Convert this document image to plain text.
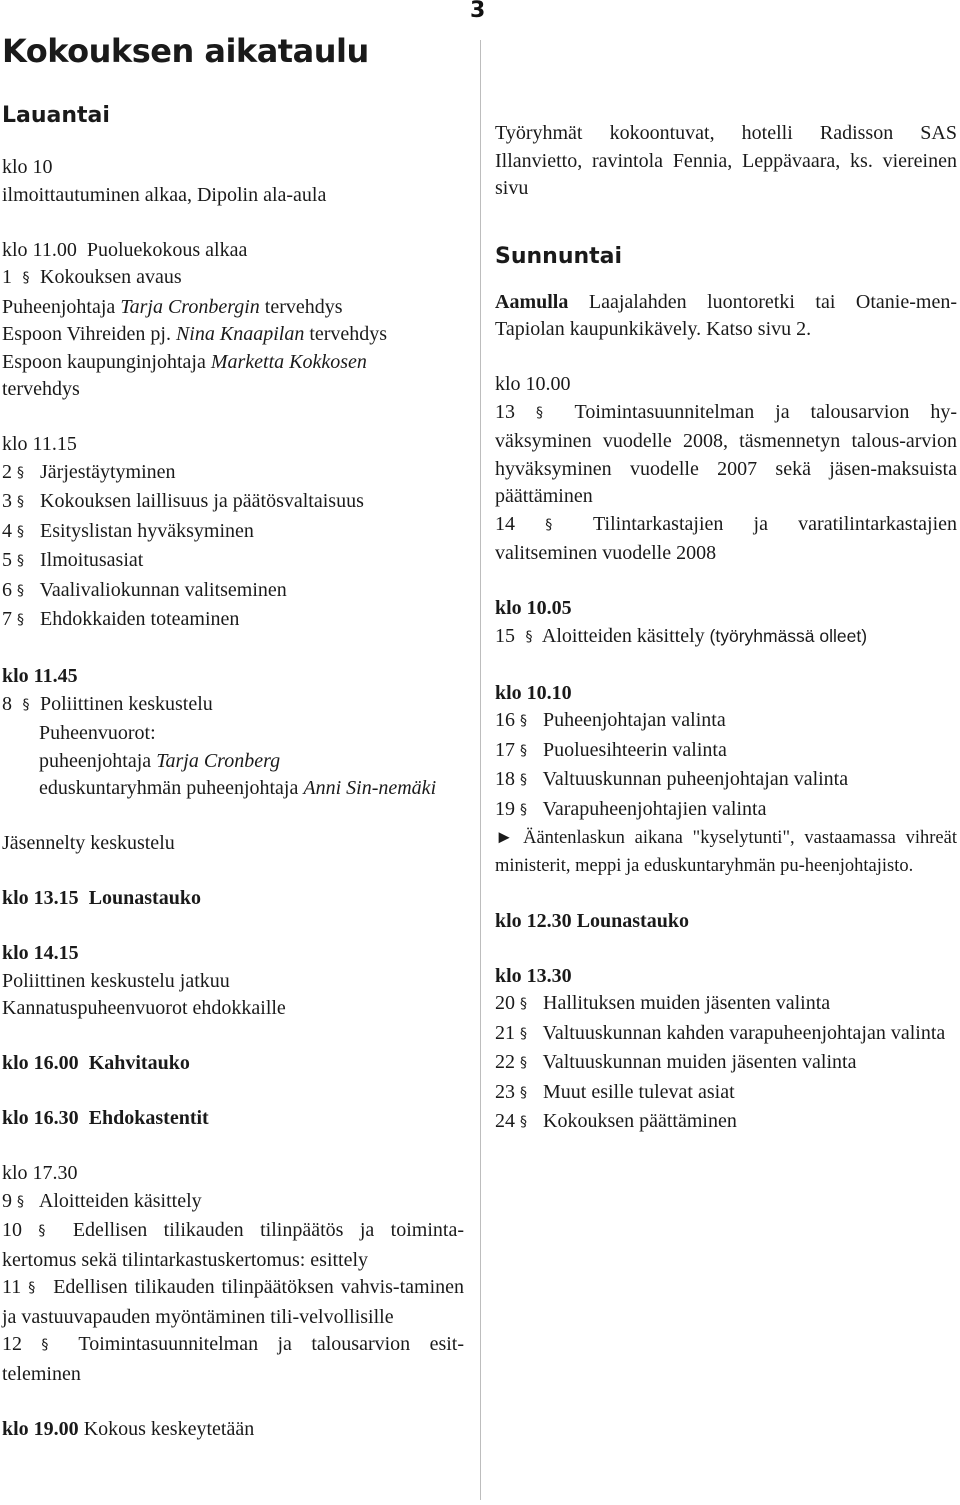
3
Kokouksen aikataulu
Lauantai
klo 10
ilmoittautuminen alkaa, Dipolin ala-aula
klo 11.00 Puoluekokous alkaa
1 § Kokouksen avaus
Puheenjohtaja Tarja Cronbergin tervehdys
Espoon Vihreiden pj. Nina Knaapilan tervehdys
Espoon kaupunginjohtaja Marketta Kokkosen
tervehdys
klo 11.15
2 § Järjestäytyminen
3 § Kokouksen laillisuus ja päätösvaltaisuus
4 § Esityslistan hyväksyminen
5 § Ilmoitusasiat
6 § Vaalivaliokunnan valitseminen
7 § Ehdokkaiden toteaminen
klo 11.45
8 § Poliittinen keskustelu
Puheenvuorot:
puheenjohtaja Tarja Cronberg
eduskuntaryhmän puheenjohtaja Anni Sin-nemäki
Jäsennelty keskustelu
klo 13.15 Lounastauko
klo 14.15
Poliittinen keskustelu jatkuu
Kannatuspuheenvuorot ehdokkaille
klo 16.00 Kahvitauko
klo 16.30 Ehdokastentit
klo 17.30
9 § Aloitteiden käsittely
10 § Edellisen tilikauden tilinpäätös ja toiminta-kertomus sekä tilintarkastuskertomus: esittely
11 § Edellisen tilikauden tilinpäätöksen vahvis-taminen ja vastuuvapauden myöntäminen tili-velvollisille
12 § Toimintasuunnitelman ja talousarvion esit-teleminen
klo 19.00 Kokous keskeytetään
Työryhmät kokoontuvat, hotelli Radisson SAS Illanvietto, ravintola Fennia, Leppävaara, ks. viereinen sivu
Sunnuntai
Aamulla Laajalahden luontoretki tai Otanie-men-Tapiolan kaupunkikävely. Katso sivu 2.
klo 10.00
13 § Toimintasuunnitelman ja talousarvion hy-väksyminen vuodelle 2008, täsmennetyn talous-arvion hyväksyminen vuodelle 2007 sekä jäsen-maksuista päättäminen
14 § Tilintarkastajien ja varatilintarkastajien valitseminen vuodelle 2008
klo 10.05
15 § Aloitteiden käsittely (työryhmässä olleet)
klo 10.10
16 § Puheenjohtajan valinta
17 § Puoluesihteerin valinta
18 § Valtuuskunnan puheenjohtajan valinta
19 § Varapuheenjohtajien valinta
► Ääntenlaskun aikana "kyselytunti", vastaamassa vihreät ministerit, meppi ja eduskuntaryhmän pu-heenjohtajisto.
klo 12.30 Lounastauko
klo 13.30
20 § Hallituksen muiden jäsenten valinta
21 § Valtuuskunnan kahden varapuheenjohtajan valinta
22 § Valtuuskunnan muiden jäsenten valinta
23 § Muut esille tulevat asiat
24 § Kokouksen päättäminen
